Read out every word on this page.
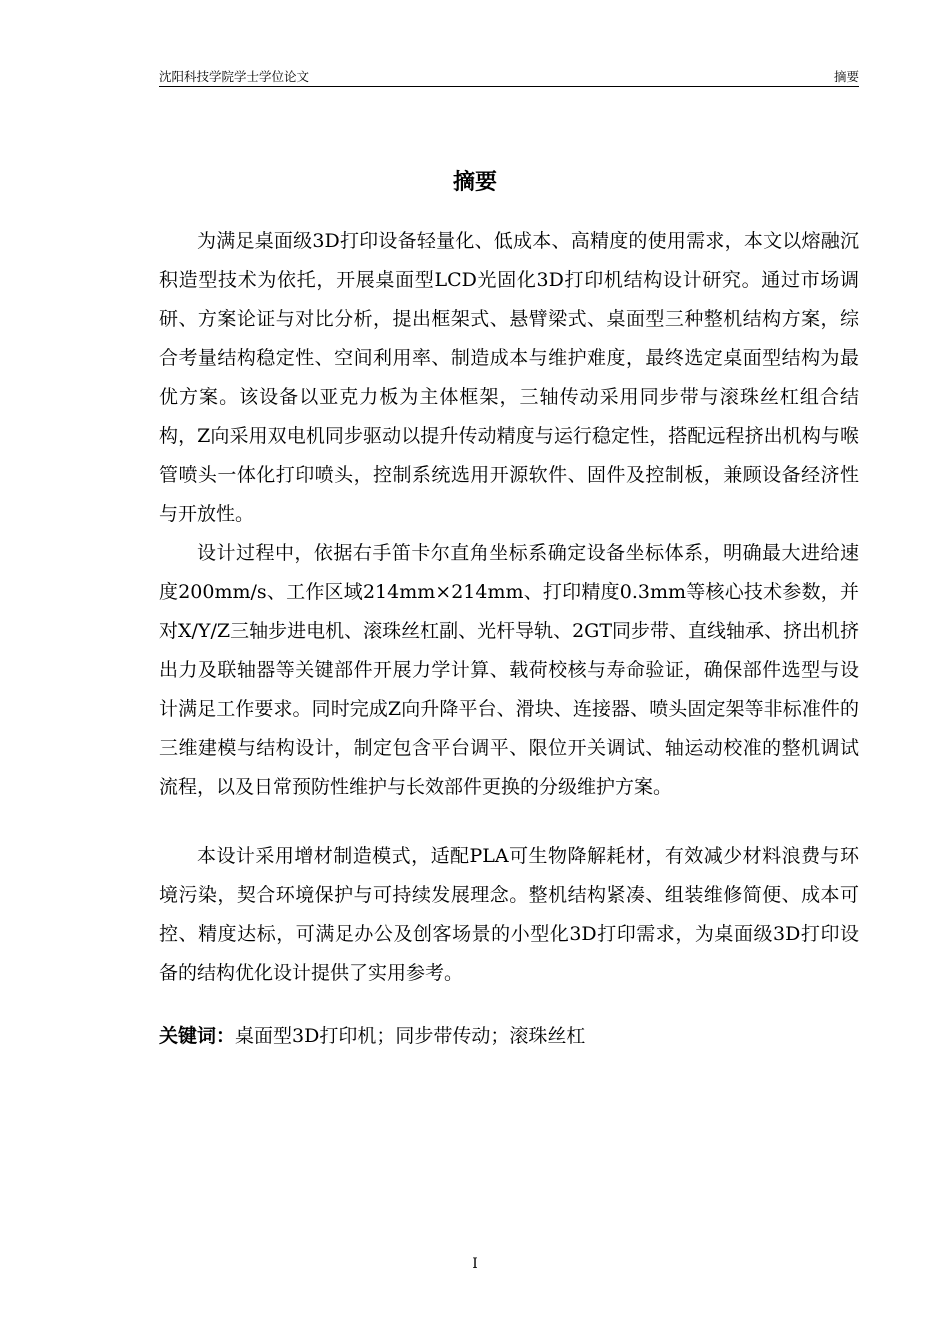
沈阳科技学院学士学位论文	摘要
摘要

为满足桌面级3D打印设备轻量化、低成本、高精度的使用需求，本文以熔融沉积造型技术为依托，开展桌面型LCD光固化3D打印机结构设计研究。通过市场调研、方案论证与对比分析，提出框架式、悬臂梁式、桌面型三种整机结构方案，综合考量结构稳定性、空间利用率、制造成本与维护难度，最终选定桌面型结构为最优方案。该设备以亚克力板为主体框架，三轴传动采用同步带与滚珠丝杠组合结构，Z向采用双电机同步驱动以提升传动精度与运行稳定性，搭配远程挤出机构与喉管喷头一体化打印喷头，控制系统选用开源软件、固件及控制板，兼顾设备经济性与开放性。

设计过程中，依据右手笛卡尔直角坐标系确定设备坐标体系，明确最大进给速度200mm/s、工作区域214mm×214mm、打印精度0.3mm等核心技术参数，并对X/Y/Z三轴步进电机、滚珠丝杠副、光杆导轨、2GT同步带、直线轴承、挤出机挤出力及联轴器等关键部件开展力学计算、载荷校核与寿命验证，确保部件选型与设计满足工作要求。同时完成Z向升降平台、滑块、连接器、喷头固定架等非标准件的三维建模与结构设计，制定包含平台调平、限位开关调试、轴运动校准的整机调试流程，以及日常预防性维护与长效部件更换的分级维护方案。

本设计采用增材制造模式，适配PLA可生物降解耗材，有效减少材料浪费与环境污染，契合环境保护与可持续发展理念。整机结构紧凑、组装维修简便、成本可控、精度达标，可满足办公及创客场景的小型化3D打印需求，为桌面级3D打印设备的结构优化设计提供了实用参考。

关键词：桌面型3D打印机；同步带传动；滚珠丝杠
I
